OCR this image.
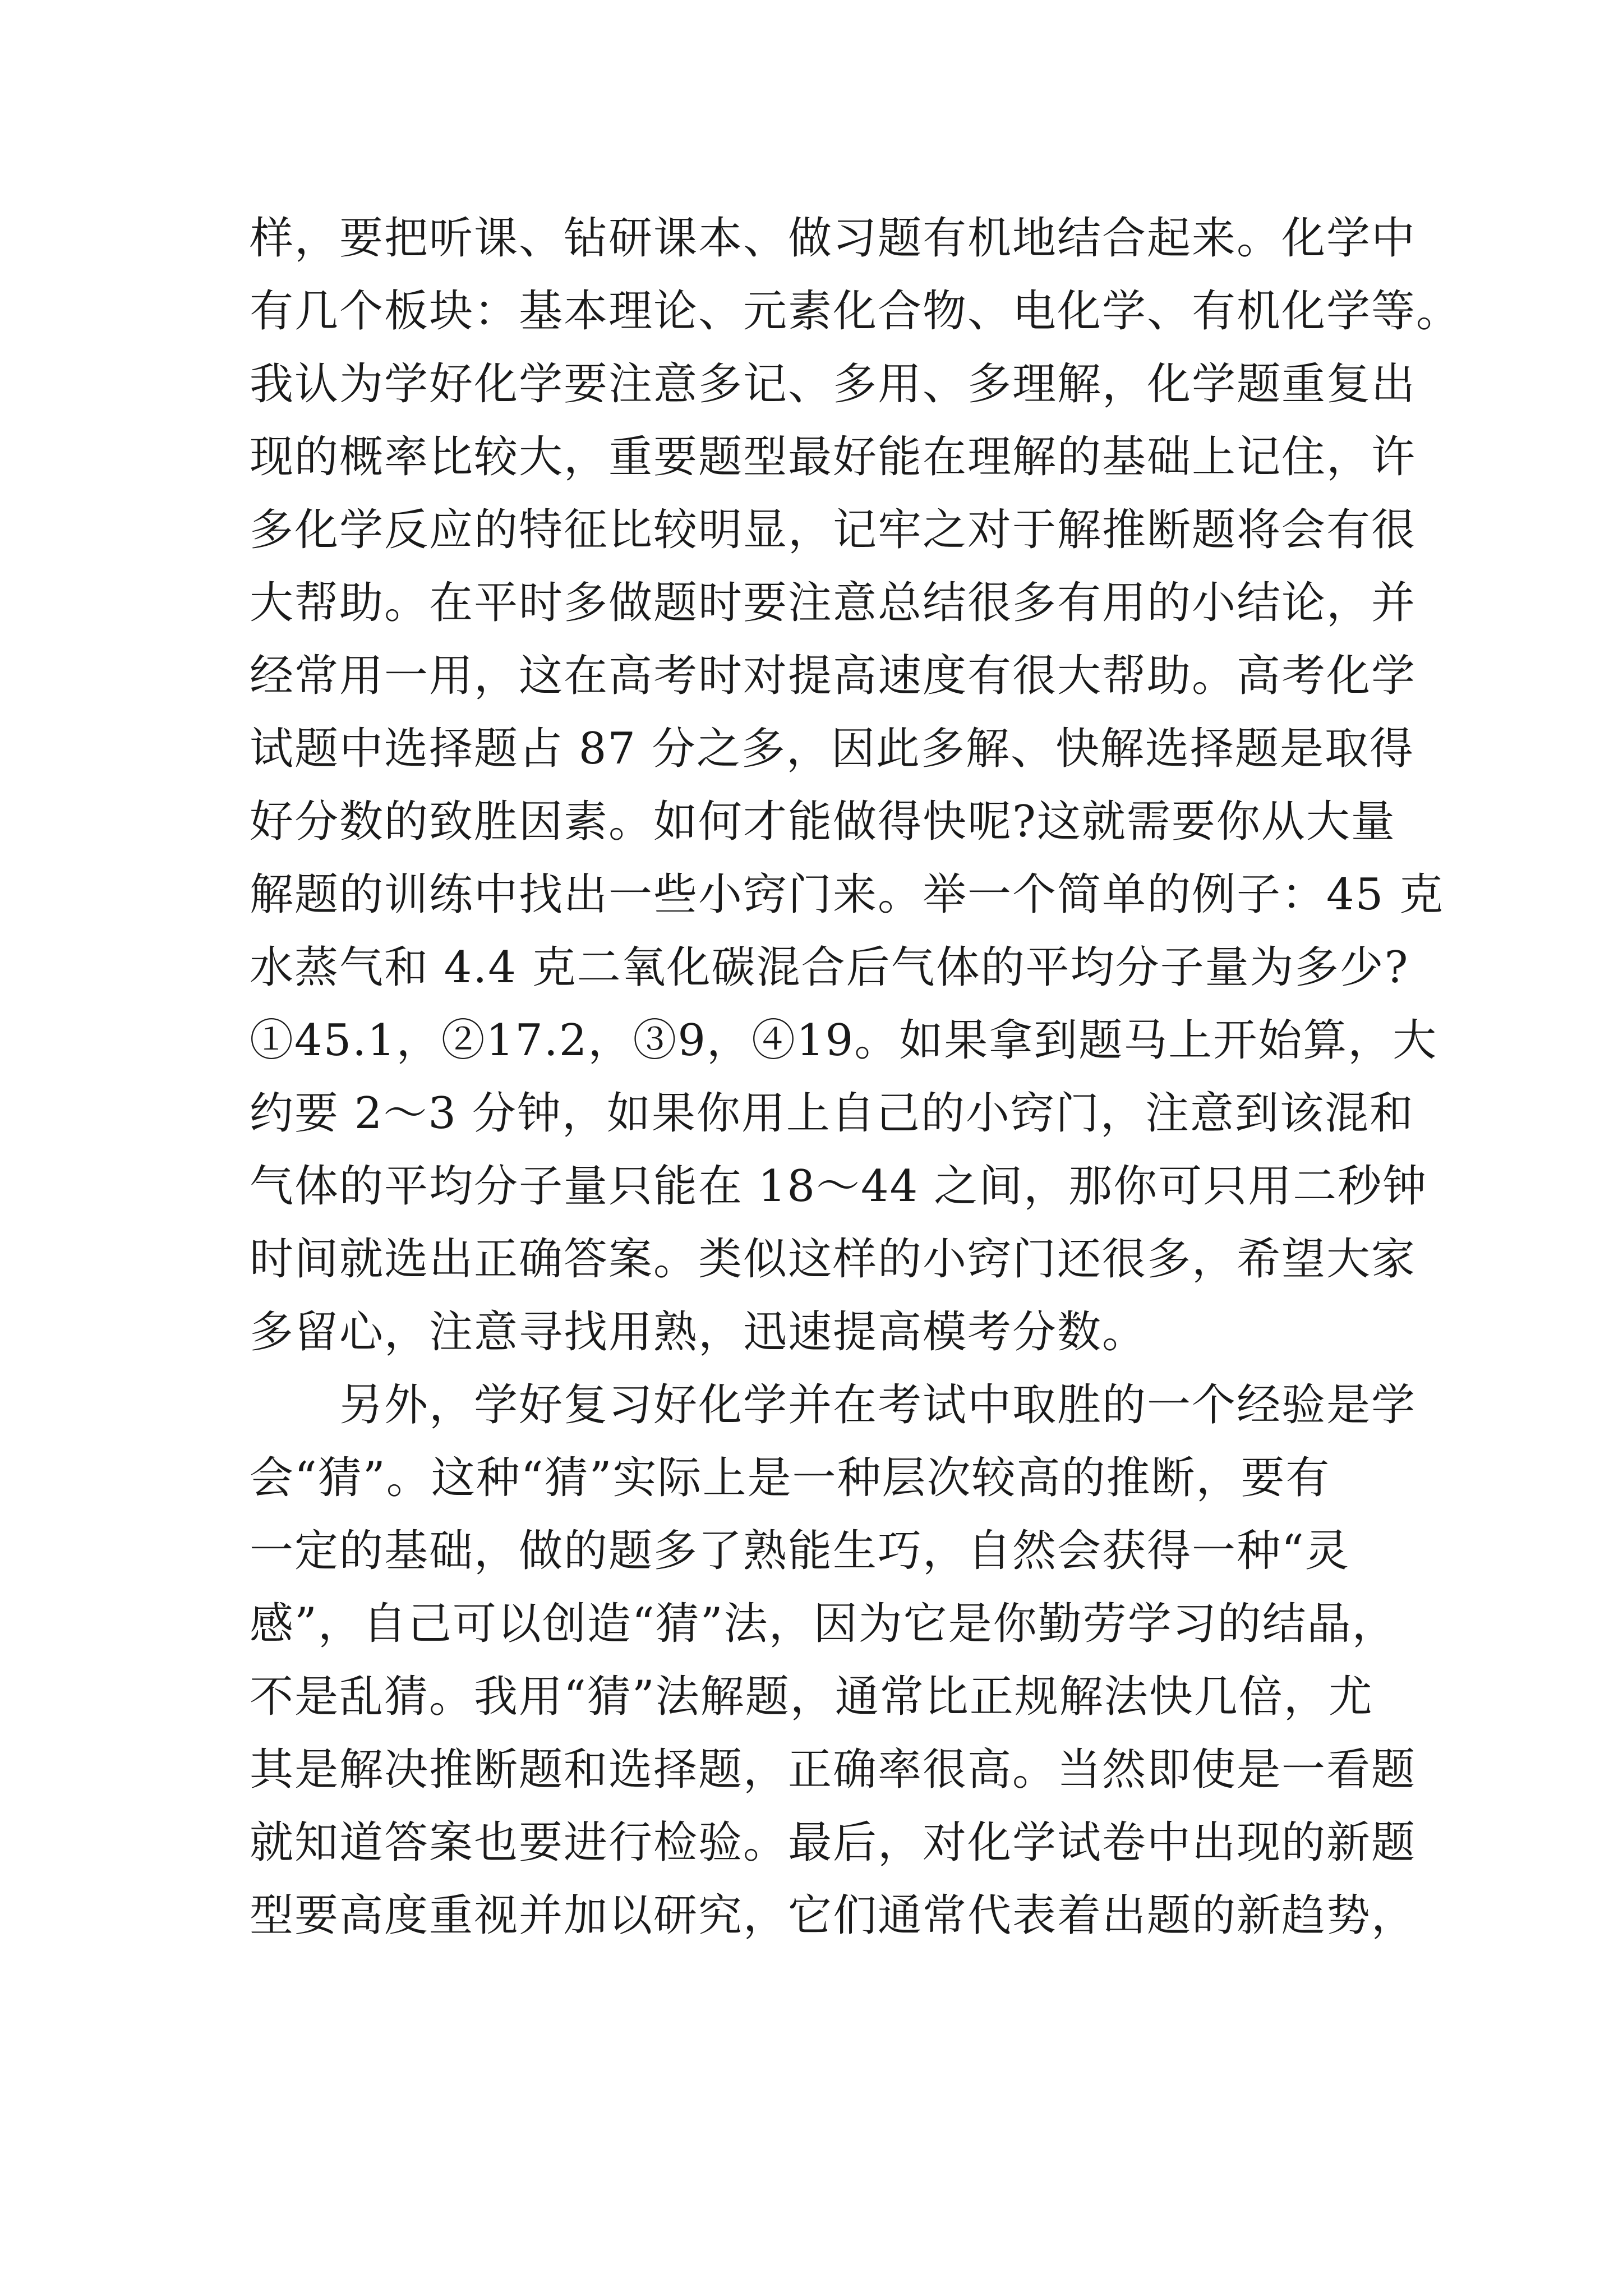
样，要把听课、钻研课本、做习题有机地结合起来。化学中
有几个板块：基本理论、元素化合物、电化学、有机化学等。
我认为学好化学要注意多记、多用、多理解，化学题重复出
现的概率比较大，重要题型最好能在理解的基础上记住，许
多化学反应的特征比较明显，记牢之对于解推断题将会有很
大帮助。在平时多做题时要注意总结很多有用的小结论，并
经常用一用，这在高考时对提高速度有很大帮助。高考化学
试题中选择题占 87 分之多，因此多解、快解选择题是取得
好分数的致胜因素。如何才能做得快呢?这就需要你从大量
解题的训练中找出一些小窍门来。举一个简单的例子：45 克
水蒸气和 4.4 克二氧化碳混合后气体的平均分子量为多少?
①45.1，②17.2，③9，④19。如果拿到题马上开始算，大
约要 2～3 分钟，如果你用上自己的小窍门，注意到该混和
气体的平均分子量只能在 18～44 之间，那你可只用二秒钟
时间就选出正确答案。类似这样的小窍门还很多，希望大家
多留心，注意寻找用熟，迅速提高模考分数。
另外，学好复习好化学并在考试中取胜的一个经验是学
会“猜”。这种“猜”实际上是一种层次较高的推断，要有
一定的基础，做的题多了熟能生巧，自然会获得一种“灵
感”，自己可以创造“猜”法，因为它是你勤劳学习的结晶，
不是乱猜。我用“猜”法解题，通常比正规解法快几倍，尤
其是解决推断题和选择题，正确率很高。当然即使是一看题
就知道答案也要进行检验。最后，对化学试卷中出现的新题
型要高度重视并加以研究，它们通常代表着出题的新趋势，
